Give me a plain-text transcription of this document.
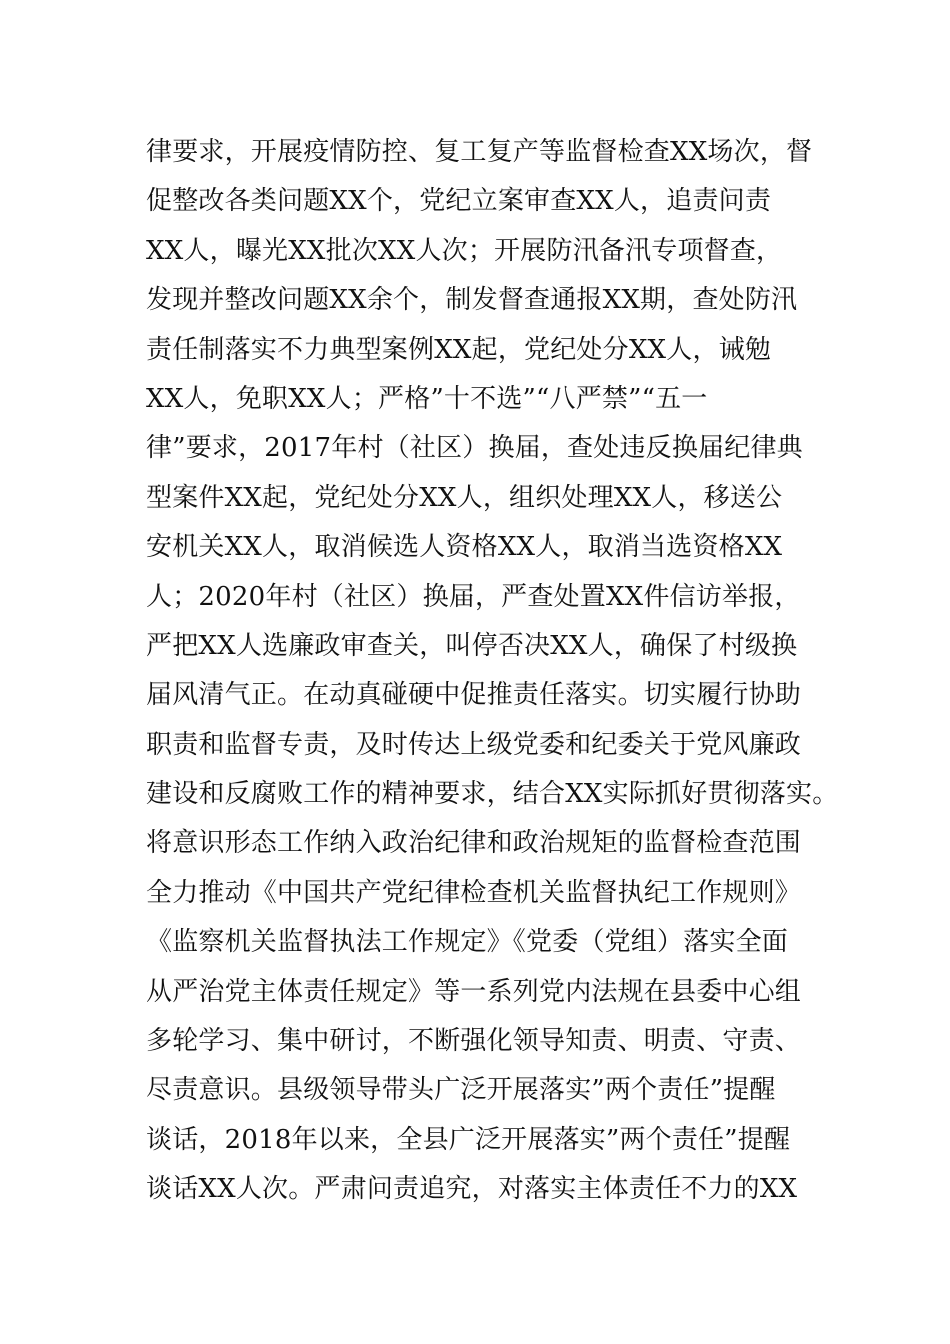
律要求，开展疫情防控、复工复产等监督检查XX场次，督
促整改各类问题XX个，党纪立案审查XX人，追责问责
XX人，曝光XX批次XX人次；开展防汛备汛专项督查，
发现并整改问题XX余个，制发督查通报XX期，查处防汛
责任制落实不力典型案例XX起，党纪处分XX人，诫勉
XX人，免职XX人；严格”十不选”“八严禁”“五一
律”要求，2017年村（社区）换届，查处违反换届纪律典
型案件XX起，党纪处分XX人，组织处理XX人，移送公
安机关XX人，取消候选人资格XX人，取消当选资格XX
人；2020年村（社区）换届，严查处置XX件信访举报，
严把XX人选廉政审查关，叫停否决XX人，确保了村级换
届风清气正。在动真碰硬中促推责任落实。切实履行协助
职责和监督专责，及时传达上级党委和纪委关于党风廉政
建设和反腐败工作的精神要求，结合XX实际抓好贯彻落实。
将意识形态工作纳入政治纪律和政治规矩的监督检查范围
全力推动《中国共产党纪律检查机关监督执纪工作规则》
《监察机关监督执法工作规定》《党委（党组）落实全面
从严治党主体责任规定》等一系列党内法规在县委中心组
多轮学习、集中研讨，不断强化领导知责、明责、守责、
尽责意识。县级领导带头广泛开展落实”两个责任”提醒
谈话，2018年以来，全县广泛开展落实”两个责任”提醒
谈话XX人次。严肃问责追究，对落实主体责任不力的XX
